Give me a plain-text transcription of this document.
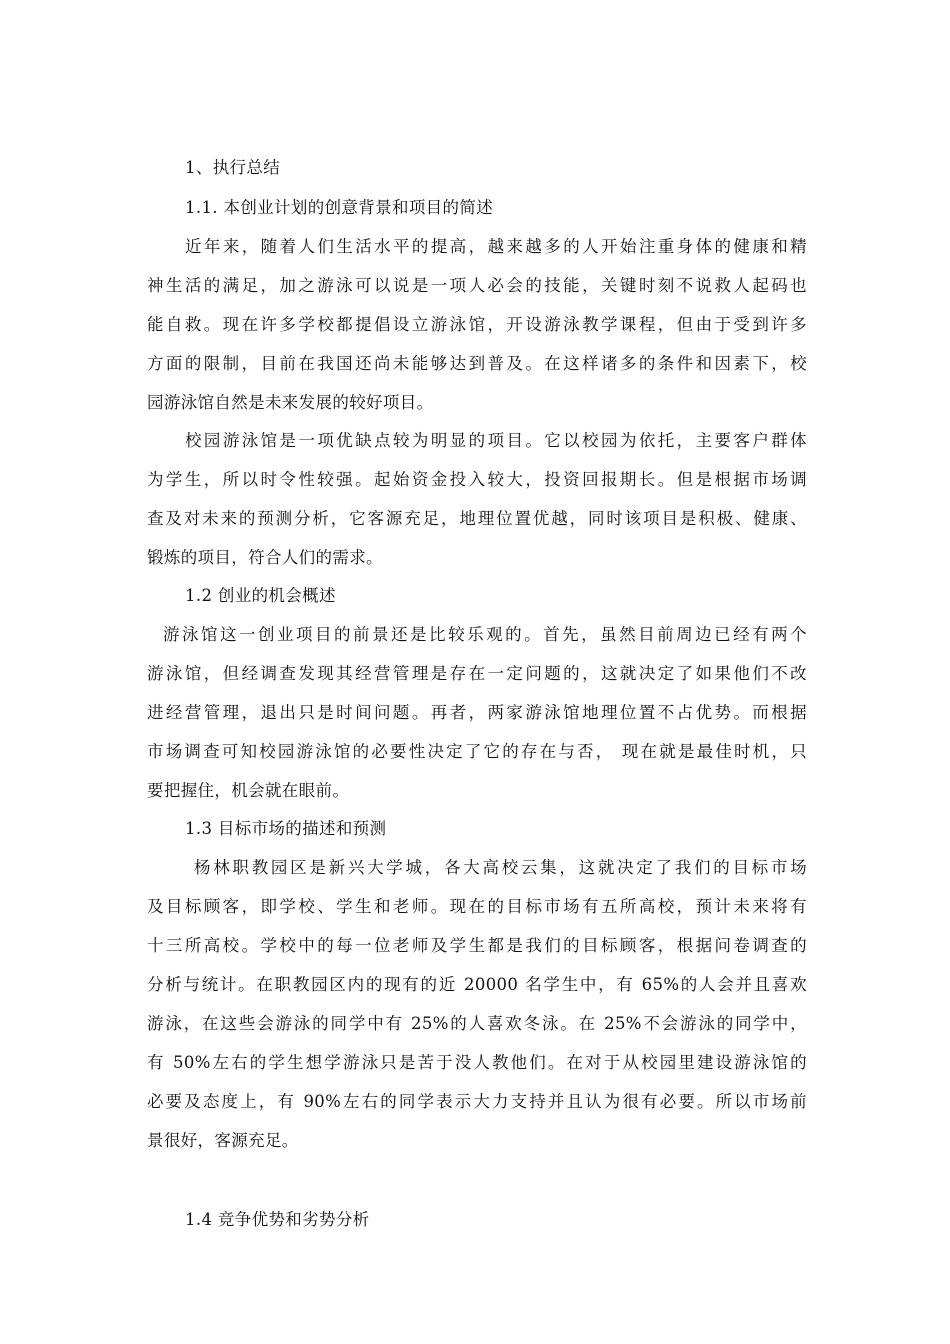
1、执行总结
1.1. 本创业计划的创意背景和项目的简述
近年来，随着人们生活水平的提高，越来越多的人开始注重身体的健康和精
神生活的满足，加之游泳可以说是一项人必会的技能，关键时刻不说救人起码也
能自救。现在许多学校都提倡设立游泳馆，开设游泳教学课程，但由于受到许多
方面的限制，目前在我国还尚未能够达到普及。在这样诸多的条件和因素下，校
园游泳馆自然是未来发展的较好项目。
校园游泳馆是一项优缺点较为明显的项目。它以校园为依托，主要客户群体
为学生，所以时令性较强。起始资金投入较大，投资回报期长。但是根据市场调
查及对未来的预测分析，它客源充足，地理位置优越，同时该项目是积极、健康、
锻炼的项目，符合人们的需求。
1.2 创业的机会概述
游泳馆这一创业项目的前景还是比较乐观的。首先，虽然目前周边已经有两个
游泳馆，但经调查发现其经营管理是存在一定问题的，这就决定了如果他们不改
进经营管理，退出只是时间问题。再者，两家游泳馆地理位置不占优势。而根据
市场调查可知校园游泳馆的必要性决定了它的存在与否， 现在就是最佳时机，只
要把握住，机会就在眼前。
1.3 目标市场的描述和预测
杨林职教园区是新兴大学城，各大高校云集，这就决定了我们的目标市场
及目标顾客，即学校、学生和老师。现在的目标市场有五所高校，预计未来将有
十三所高校。学校中的每一位老师及学生都是我们的目标顾客，根据问卷调查的
分析与统计。在职教园区内的现有的近 20000 名学生中，有 65%的人会并且喜欢
游泳，在这些会游泳的同学中有 25%的人喜欢冬泳。在 25%不会游泳的同学中，
有 50%左右的学生想学游泳只是苦于没人教他们。在对于从校园里建设游泳馆的
必要及态度上，有 90%左右的同学表示大力支持并且认为很有必要。所以市场前
景很好，客源充足。
1.4 竞争优势和劣势分析
